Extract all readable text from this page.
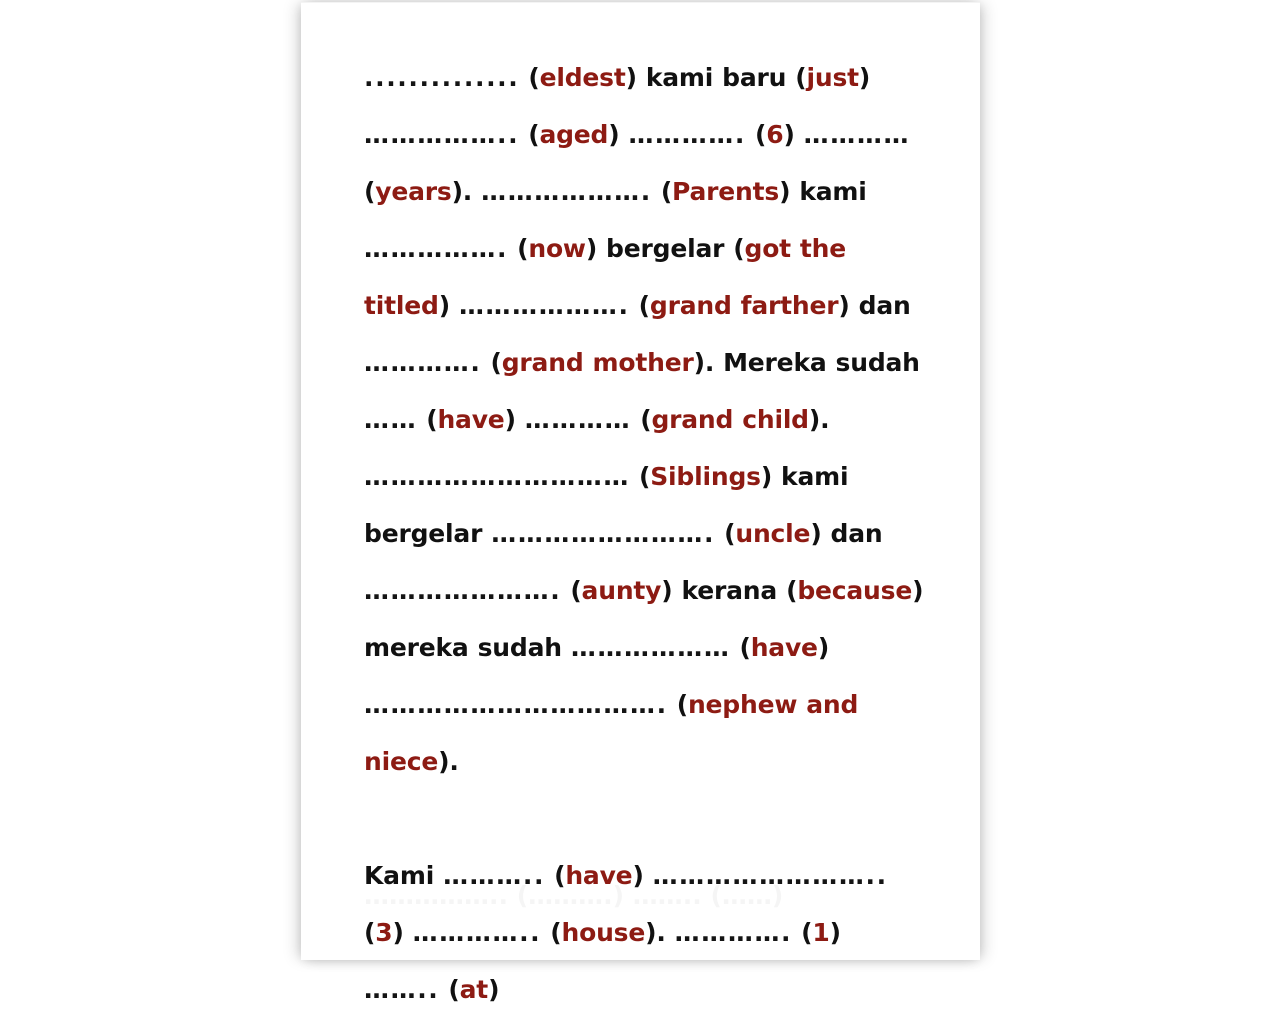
.............. (eldest) kami baru (just) …………….. (aged) …………. (6) ………… (years). ………………. (Parents) kami ……………. (now) bergelar (got the titled) ………………. (grand farther) dan …………. (grand mother). Mereka sudah …… (have) ………… (grand child). ………………………… (Siblings) kami bergelar ……………………. (uncle) dan …………………. (aunty) kerana (because) mereka sudah ……………… (have) ……………………………. (nephew and niece).

Kami ……….. (have) …………………….. (3) ………….. (house). …………. (1) …….. (at)
